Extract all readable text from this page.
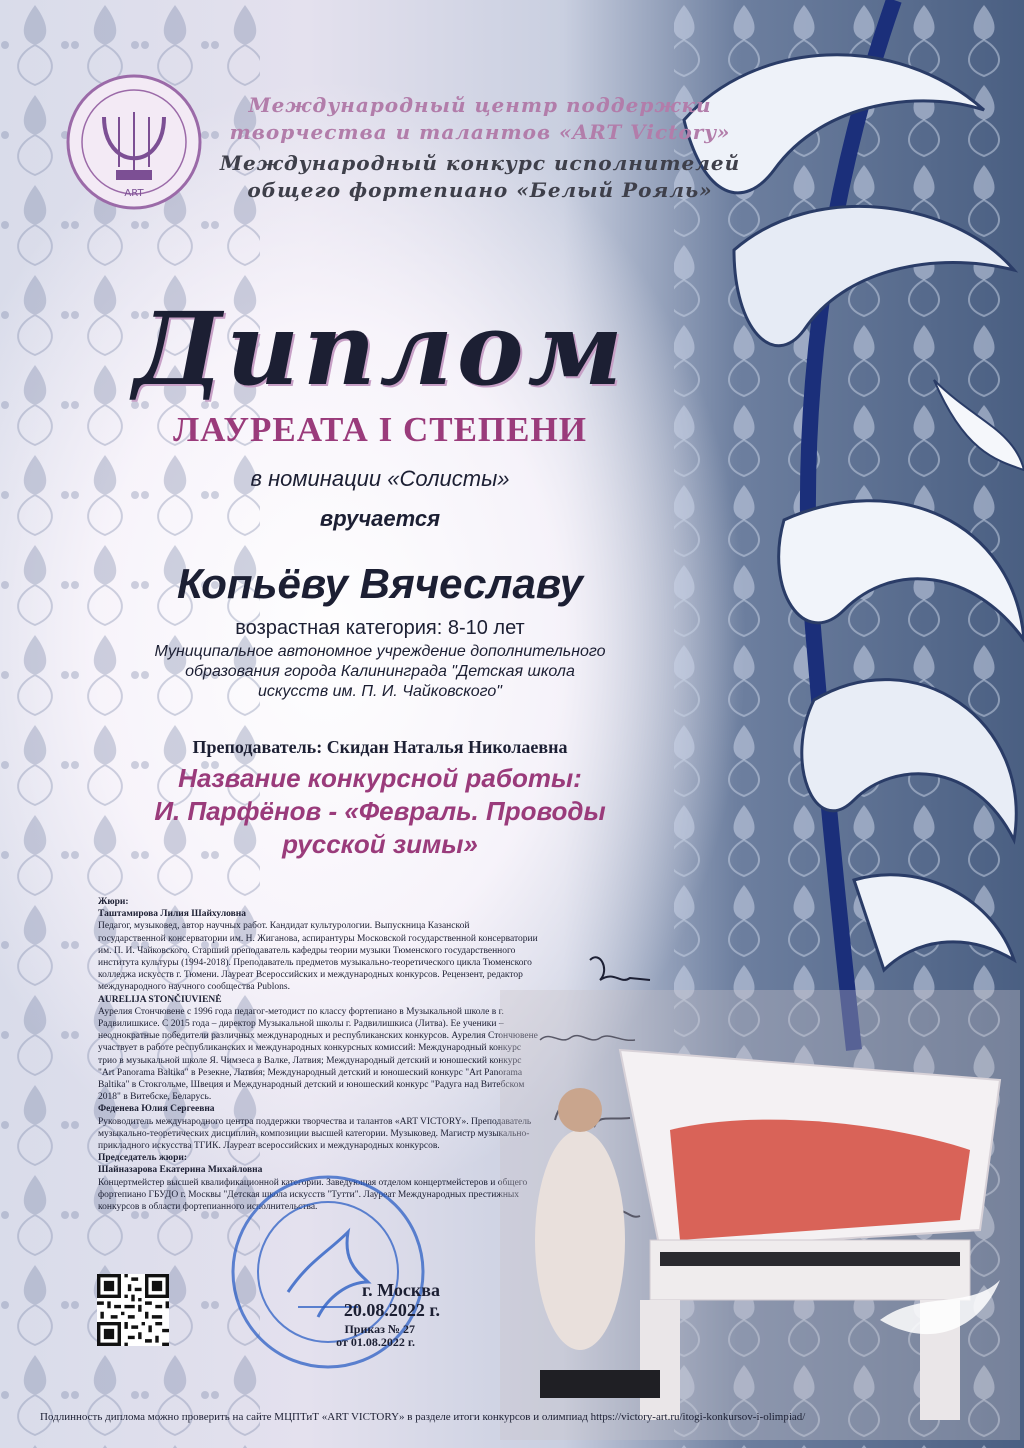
ART
Международный центр поддержки
творчества и талантов «ART Victory»
Международный конкурс исполнителей
общего фортепиано «Белый Рояль»
Диплом
ЛАУРЕАТА I СТЕПЕНИ
в номинации «Солисты»
вручается
Копьёву Вячеславу
возрастная категория: 8-10 лет
Муниципальное автономное учреждение дополнительного
образования города Калининграда "Детская школа
искусств им. П. И. Чайковского"
Преподаватель: Скидан Наталья Николаевна
Название конкурсной работы:
И. Парфёнов - «Февраль. Проводы
русской зимы»

Жюри:

Таштамирова Лилия Шайхуловна

Педагог, музыковед, автор научных работ. Кандидат культурологии. Выпускница Казанской государственной консерватории им. Н. Жиганова, аспирантуры Московской государственной консерватории им. П. И. Чайковского. Старший преподаватель кафедры теории музыки Тюменского государственного института культуры (1994-2018). Преподаватель предметов музыкально-теоретического цикла Тюменского колледжа искусств г. Тюмени. Лауреат Всероссийских и международных конкурсов. Рецензент, редактор международного научного сообщества Publons.

AURELIJA STONČIUVIENĖ

Аурелия Стончювене с 1996 года педагог-методист по классу фортепиано в Музыкальной школе в г. Радвилишкисе. С 2015 года – директор Музыкальной школы г. Радвилишкиса (Литва). Ее ученики – неоднократные победители различных международных и республиканских конкурсов. Аурелия Стончювене участвует в работе республиканских и международных конкурсных комиссий: Международный конкурс трио в музыкальной школе Я. Чимзеса в Валке, Латвия; Международный детский и юношеский конкурс "Art Panorama Baltika" в Резекне, Латвия; Международный детский и юношеский конкурс "Art Panorama Baltika" в Стокгольме, Швеция и Международный детский и юношеский конкурс "Радуга над Витебском 2018" в Витебске, Беларусь.

Феденева Юлия Сергеевна

Руководитель международного центра поддержки творчества и талантов «ART VICTORY». Преподаватель музыкально-теоретических дисциплин, композиции высшей категории. Музыковед. Магистр музыкально-прикладного искусства ТГИК. Лауреат всероссийских и международных конкурсов.

Председатель жюри:

Шайназарова Екатерина Михайловна

Концертмейстер высшей квалификационной категории. Заведующая отделом концертмейстеров и общего фортепиано ГБУДО г. Москвы "Детская школа искусств "Тутти". Лауреат Международных престижных конкурсов в области фортепианного исполнительства.

г. Москва
20.08.2022 г.
Приказ № 27
от 01.08.2022 г.
Подлинность диплома можно проверить на сайте МЦПТиТ «ART VICTORY» в разделе итоги конкурсов и олимпиад https://victory-art.ru/itogi-konkursov-i-olimpiad/
